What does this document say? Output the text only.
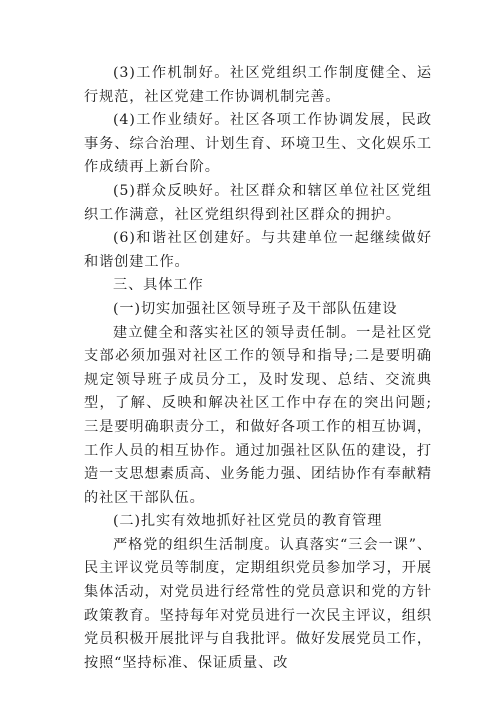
(3)工作机制好。社区党组织工作制度健全、运行规范，社区党建工作协调机制完善。

(4)工作业绩好。社区各项工作协调发展，民政事务、综合治理、计划生育、环境卫生、文化娱乐工作成绩再上新台阶。

(5)群众反映好。社区群众和辖区单位社区党组织工作满意，社区党组织得到社区群众的拥护。

(6)和谐社区创建好。与共建单位一起继续做好和谐创建工作。

三、具体工作

(一)切实加强社区领导班子及干部队伍建设

建立健全和落实社区的领导责任制。一是社区党支部必须加强对社区工作的领导和指导;二是要明确规定领导班子成员分工，及时发现、总结、交流典型，了解、反映和解决社区工作中存在的突出问题;三是要明确职责分工，和做好各项工作的相互协调，工作人员的相互协作。通过加强社区队伍的建设，打造一支思想素质高、业务能力强、团结协作有奉献精的社区干部队伍。

(二)扎实有效地抓好社区党员的教育管理

严格党的组织生活制度。认真落实“三会一课”、民主评议党员等制度，定期组织党员参加学习，开展集体活动，对党员进行经常性的党员意识和党的方针政策教育。坚持每年对党员进行一次民主评议，组织党员积极开展批评与自我批评。做好发展党员工作，按照“坚持标准、保证质量、改
